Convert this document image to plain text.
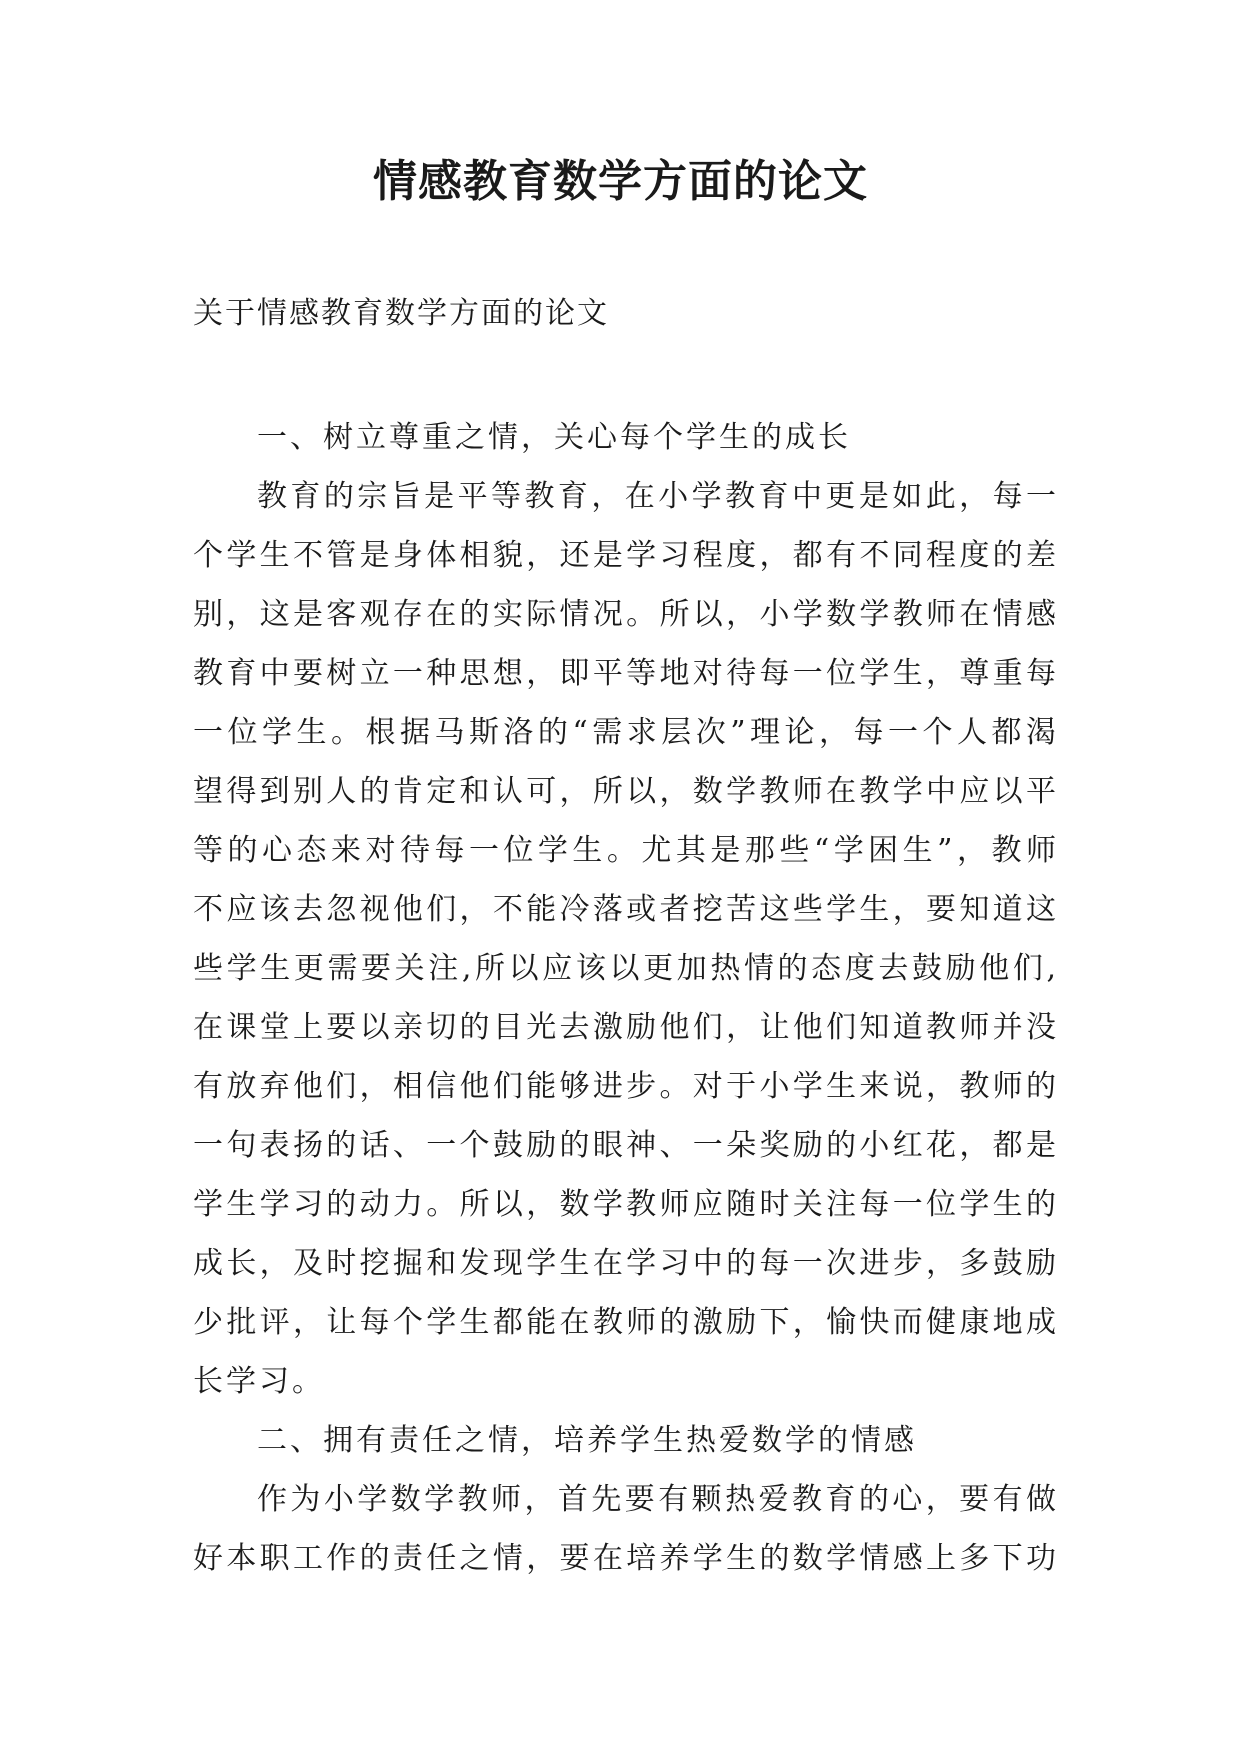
情感教育数学方面的论文

关于情感教育数学方面的论文

一、树立尊重之情，关心每个学生的成长
教育的宗旨是平等教育，在小学教育中更是如此，每一
个学生不管是身体相貌，还是学习程度，都有不同程度的差
别，这是客观存在的实际情况。所以，小学数学教师在情感
教育中要树立一种思想，即平等地对待每一位学生，尊重每
一位学生。根据马斯洛的“需求层次”理论，每一个人都渴
望得到别人的肯定和认可，所以，数学教师在教学中应以平
等的心态来对待每一位学生。尤其是那些“学困生”，教师
不应该去忽视他们，不能冷落或者挖苦这些学生，要知道这
些学生更需要关注,所以应该以更加热情的态度去鼓励他们,
在课堂上要以亲切的目光去激励他们，让他们知道教师并没
有放弃他们，相信他们能够进步。对于小学生来说，教师的
一句表扬的话、一个鼓励的眼神、一朵奖励的小红花，都是
学生学习的动力。所以，数学教师应随时关注每一位学生的
成长，及时挖掘和发现学生在学习中的每一次进步，多鼓励
少批评，让每个学生都能在教师的激励下，愉快而健康地成
长学习。
二、拥有责任之情，培养学生热爱数学的情感
作为小学数学教师，首先要有颗热爱教育的心，要有做
好本职工作的责任之情，要在培养学生的数学情感上多下功
